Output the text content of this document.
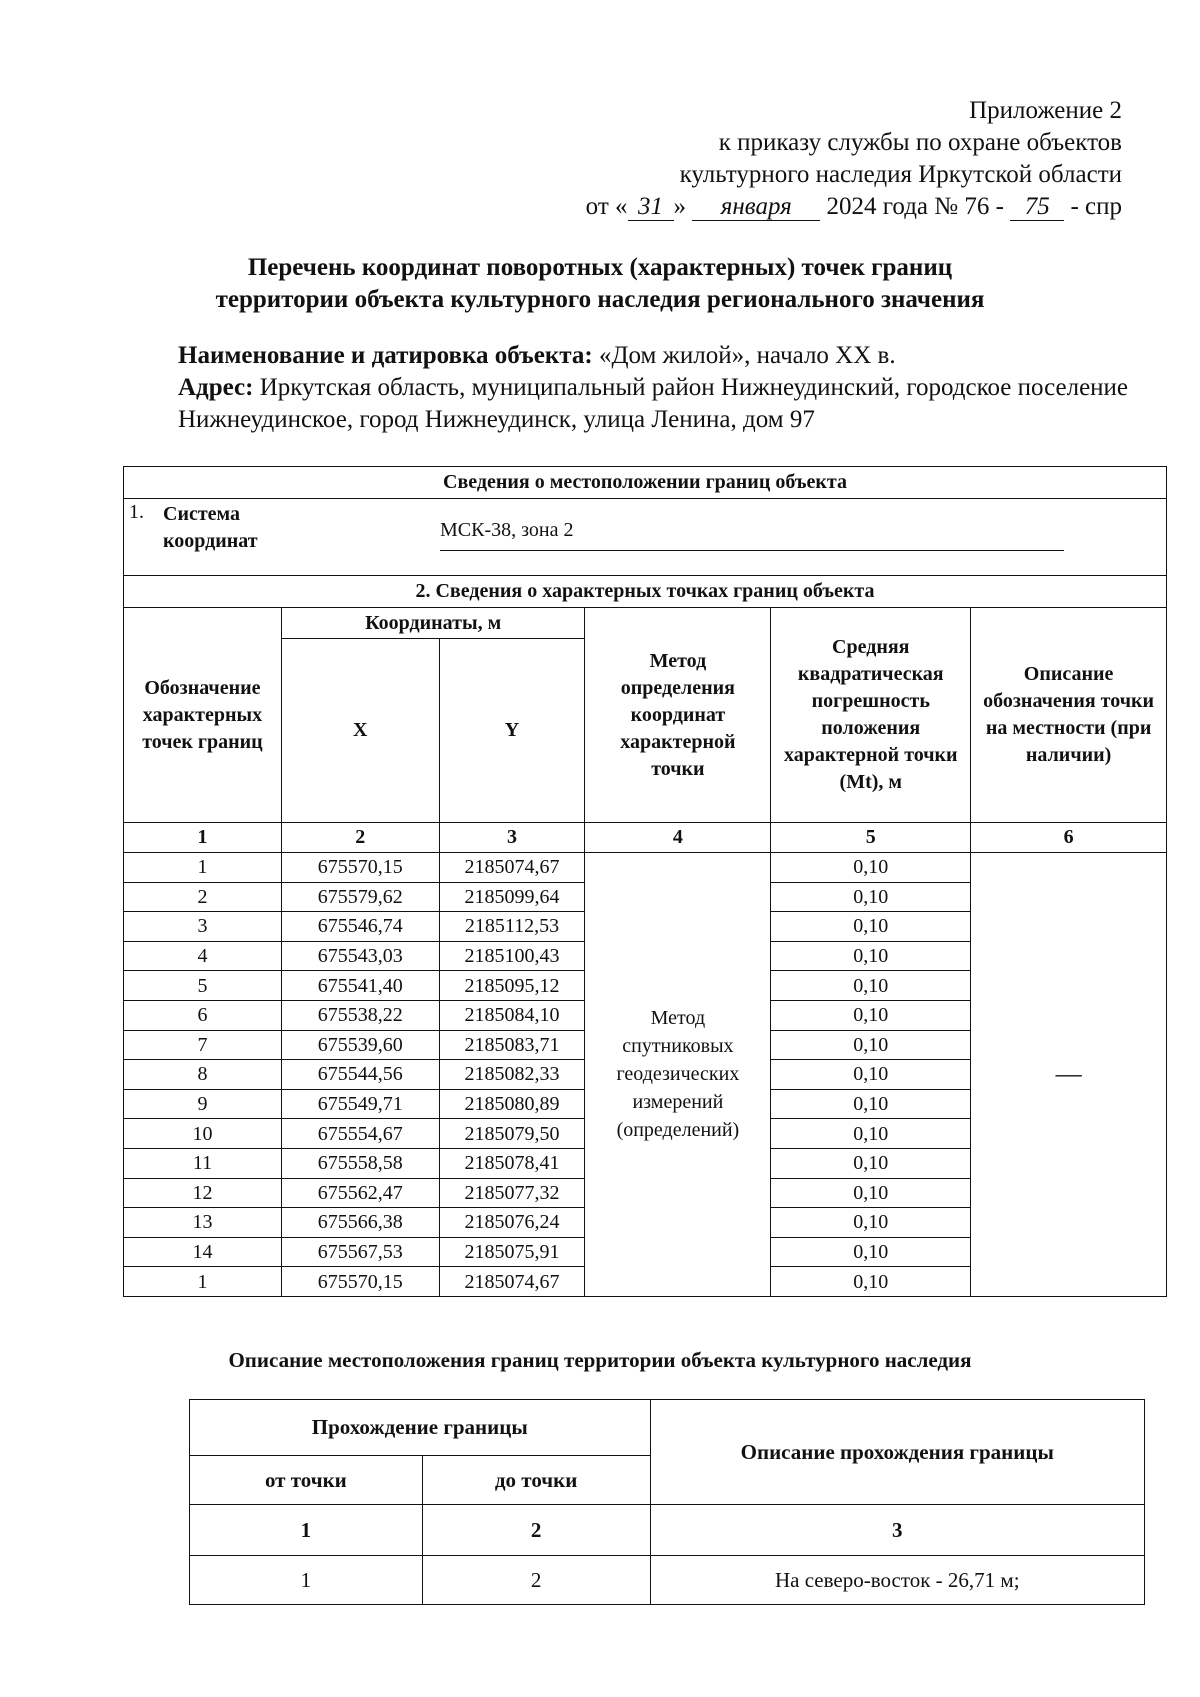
Приложение 2
к приказу службы по охране объектов
культурного наследия Иркутской области
от « 31 » января 2024 года № 76 - 75 - спр
Перечень координат поворотных (характерных) точек границ
территории объекта культурного наследия регионального значения
Наименование и датировка объекта: «Дом жилой», начало XX в.
Адрес: Иркутская область, муниципальный район Нижнеудинский, городское поселение Нижнеудинское, город Нижнеудинск, улица Ленина, дом 97
Сведения о местоположении границ объекта					

1. Система координат МСК-38, зона 2					

2. Сведения о характерных точках границ объекта					
Обозначение характерных точек границ	Координаты, м		Метод определения координат характерной точки	Средняя квадратическая погрешность положения характерной точки (Mt), м	Описание обозначения точки на местности (при наличии)
	X	Y			
1	2	3	4	5	6
1	675570,15	2185074,67	Метод спутниковых геодезических измерений (определений)	0,10	—
2	675579,62	2185099,64		0,10	
3	675546,74	2185112,53		0,10	
4	675543,03	2185100,43		0,10	
5	675541,40	2185095,12		0,10	
6	675538,22	2185084,10		0,10	
7	675539,60	2185083,71		0,10	
8	675544,56	2185082,33		0,10	
9	675549,71	2185080,89		0,10	
10	675554,67	2185079,50		0,10	
11	675558,58	2185078,41		0,10	
12	675562,47	2185077,32		0,10	
13	675566,38	2185076,24		0,10	
14	675567,53	2185075,91		0,10	
1	675570,15	2185074,67		0,10	
Описание местоположения границ территории объекта культурного наследия
Прохождение границы		Описание прохождения границы
от точки	до точки	
1	2	3
1	2	На северо-восток - 26,71 м;
